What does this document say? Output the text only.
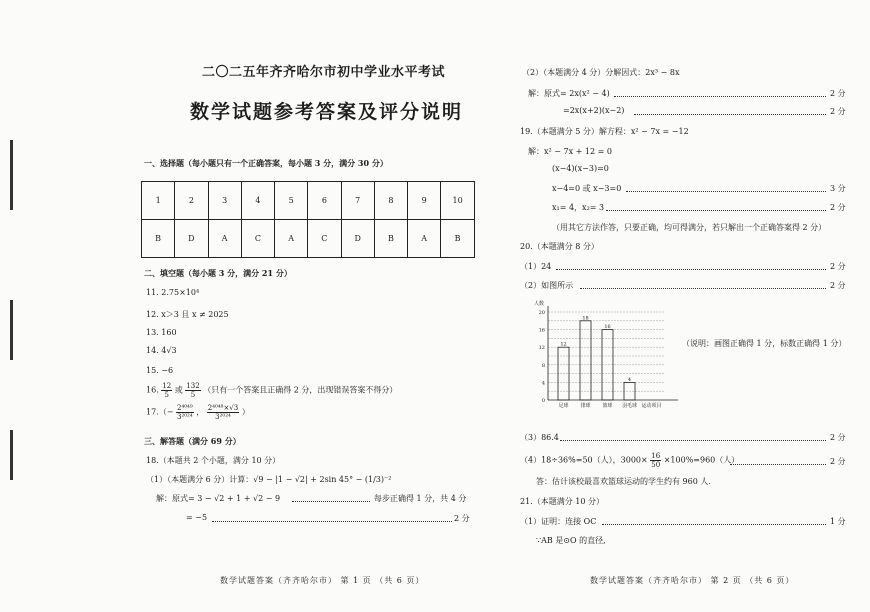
二〇二五年齐齐哈尔市初中学业水平考试
数学试题参考答案及评分说明
一、选择题（每小题只有一个正确答案，每小题 3 分，满分 30 分）
1	2	3	4	5	6	7	8	9	10
B	D	A	C	A	C	D	B	A	B
二、填空题（每小题 3 分，满分 21 分）
11. 2.75×10⁴
12. x＞3 且 x ≠ 2025
13. 160
14. 4√3
15. −6
16. $\frac{12}{5}$ 或 $\frac{132}{5}$ （只有一个答案且正确得 2 分，出现错误答案不得分）
$17.(- \frac{\text{2⁴⁰⁴⁹}}{\text{3²⁰²⁴}}$ ， $\frac{\text{2⁴⁰⁴⁸×√3}}{\text{3²⁰²⁴}}$ ）
三、解答题（满分 69 分）
18.（本题共 2 个小题，满分 10 分）
（1）（本题满分 6 分）计算：√9 − |1 − √2| + 2sin 45° − (1/3)⁻²
解：原式= 3 − √2 + 1 + √2 − 9	每步正确得 1 分，共 4 分
= −5	2 分
数学试题答案（齐齐哈尔市） 第 1 页 （共 6 页）
（2）（本题满分 4 分）分解因式：2x³ − 8x
解：原式= 2x(x² − 4)	2 分
=2x(x+2)(x−2)	2 分
19.（本题满分 5 分）解方程：x² − 7x = −12
解：x² − 7x + 12 = 0
(x−4)(x−3)=0
x−4=0 或 x−3=0	3 分
x₁= 4，x₂= 3	2 分
（用其它方法作答，只要正确，均可得满分，若只解出一个正确答案得 2 分）
20.（本题满分 8 分）
（1）24	2 分
（2）如图所示	2 分
0
4
8
12
16
20
人数
12
足球
18
排球
16
篮球
4
羽毛球 运动项目
（说明：画图正确得 1 分，标数正确得 1 分）
（3）86.4	2 分
（4）18÷36%=50（人），$3000\times \frac{16}{50} \times 100\%=960$（人）	2 分
答：估计该校最喜欢篮球运动的学生约有 960 人.
21.（本题满分 10 分）
（1）证明：连接 OC	1 分
∵AB 是⊙O 的直径,
数学试题答案（齐齐哈尔市） 第 2 页 （共 6 页）
